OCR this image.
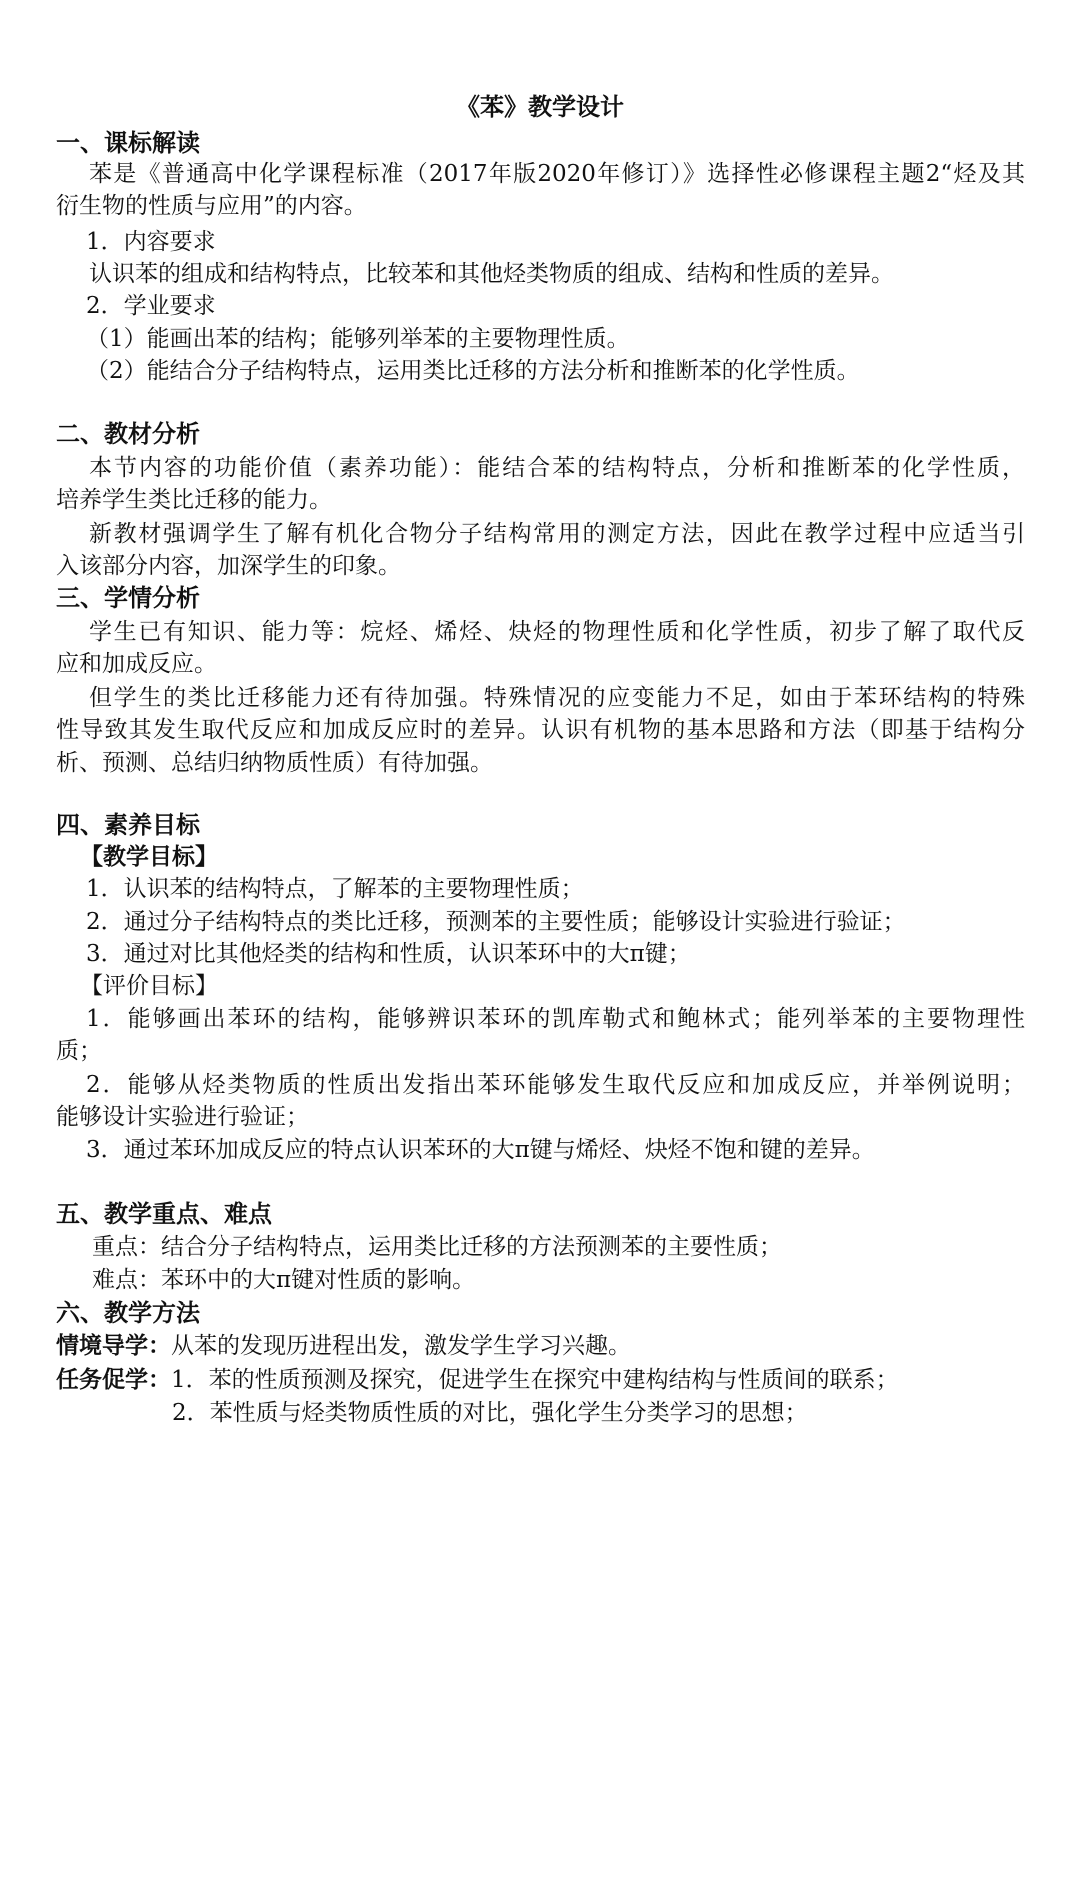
《苯》教学设计
一、课标解读
苯是《普通高中化学课程标准（2017年版2020年修订）》选择性必修课程主题2“烃及其
衍生物的性质与应用”的内容。
1．内容要求
认识苯的组成和结构特点，比较苯和其他烃类物质的组成、结构和性质的差异。
2．学业要求
（1）能画出苯的结构；能够列举苯的主要物理性质。
（2）能结合分子结构特点，运用类比迁移的方法分析和推断苯的化学性质。
二、教材分析
本节内容的功能价值（素养功能）：能结合苯的结构特点，分析和推断苯的化学性质，
培养学生类比迁移的能力。
新教材强调学生了解有机化合物分子结构常用的测定方法，因此在教学过程中应适当引
入该部分内容，加深学生的印象。
三、学情分析
学生已有知识、能力等：烷烃、烯烃、炔烃的物理性质和化学性质，初步了解了取代反
应和加成反应。
但学生的类比迁移能力还有待加强。特殊情况的应变能力不足，如由于苯环结构的特殊
性导致其发生取代反应和加成反应时的差异。认识有机物的基本思路和方法（即基于结构分
析、预测、总结归纳物质性质）有待加强。
四、素养目标
【教学目标】
1．认识苯的结构特点，了解苯的主要物理性质；
2．通过分子结构特点的类比迁移，预测苯的主要性质；能够设计实验进行验证；
3．通过对比其他烃类的结构和性质，认识苯环中的大π键；
【评价目标】
1．能够画出苯环的结构，能够辨识苯环的凯库勒式和鲍林式；能列举苯的主要物理性
质；
2．能够从烃类物质的性质出发指出苯环能够发生取代反应和加成反应，并举例说明；
能够设计实验进行验证；
3．通过苯环加成反应的特点认识苯环的大π键与烯烃、炔烃不饱和键的差异。
五、教学重点、难点
重点：结合分子结构特点，运用类比迁移的方法预测苯的主要性质；
难点：苯环中的大π键对性质的影响。
六、教学方法
情境导学：从苯的发现历进程出发，激发学生学习兴趣。
任务促学：1．苯的性质预测及探究，促进学生在探究中建构结构与性质间的联系；
2．苯性质与烃类物质性质的对比，强化学生分类学习的思想；
